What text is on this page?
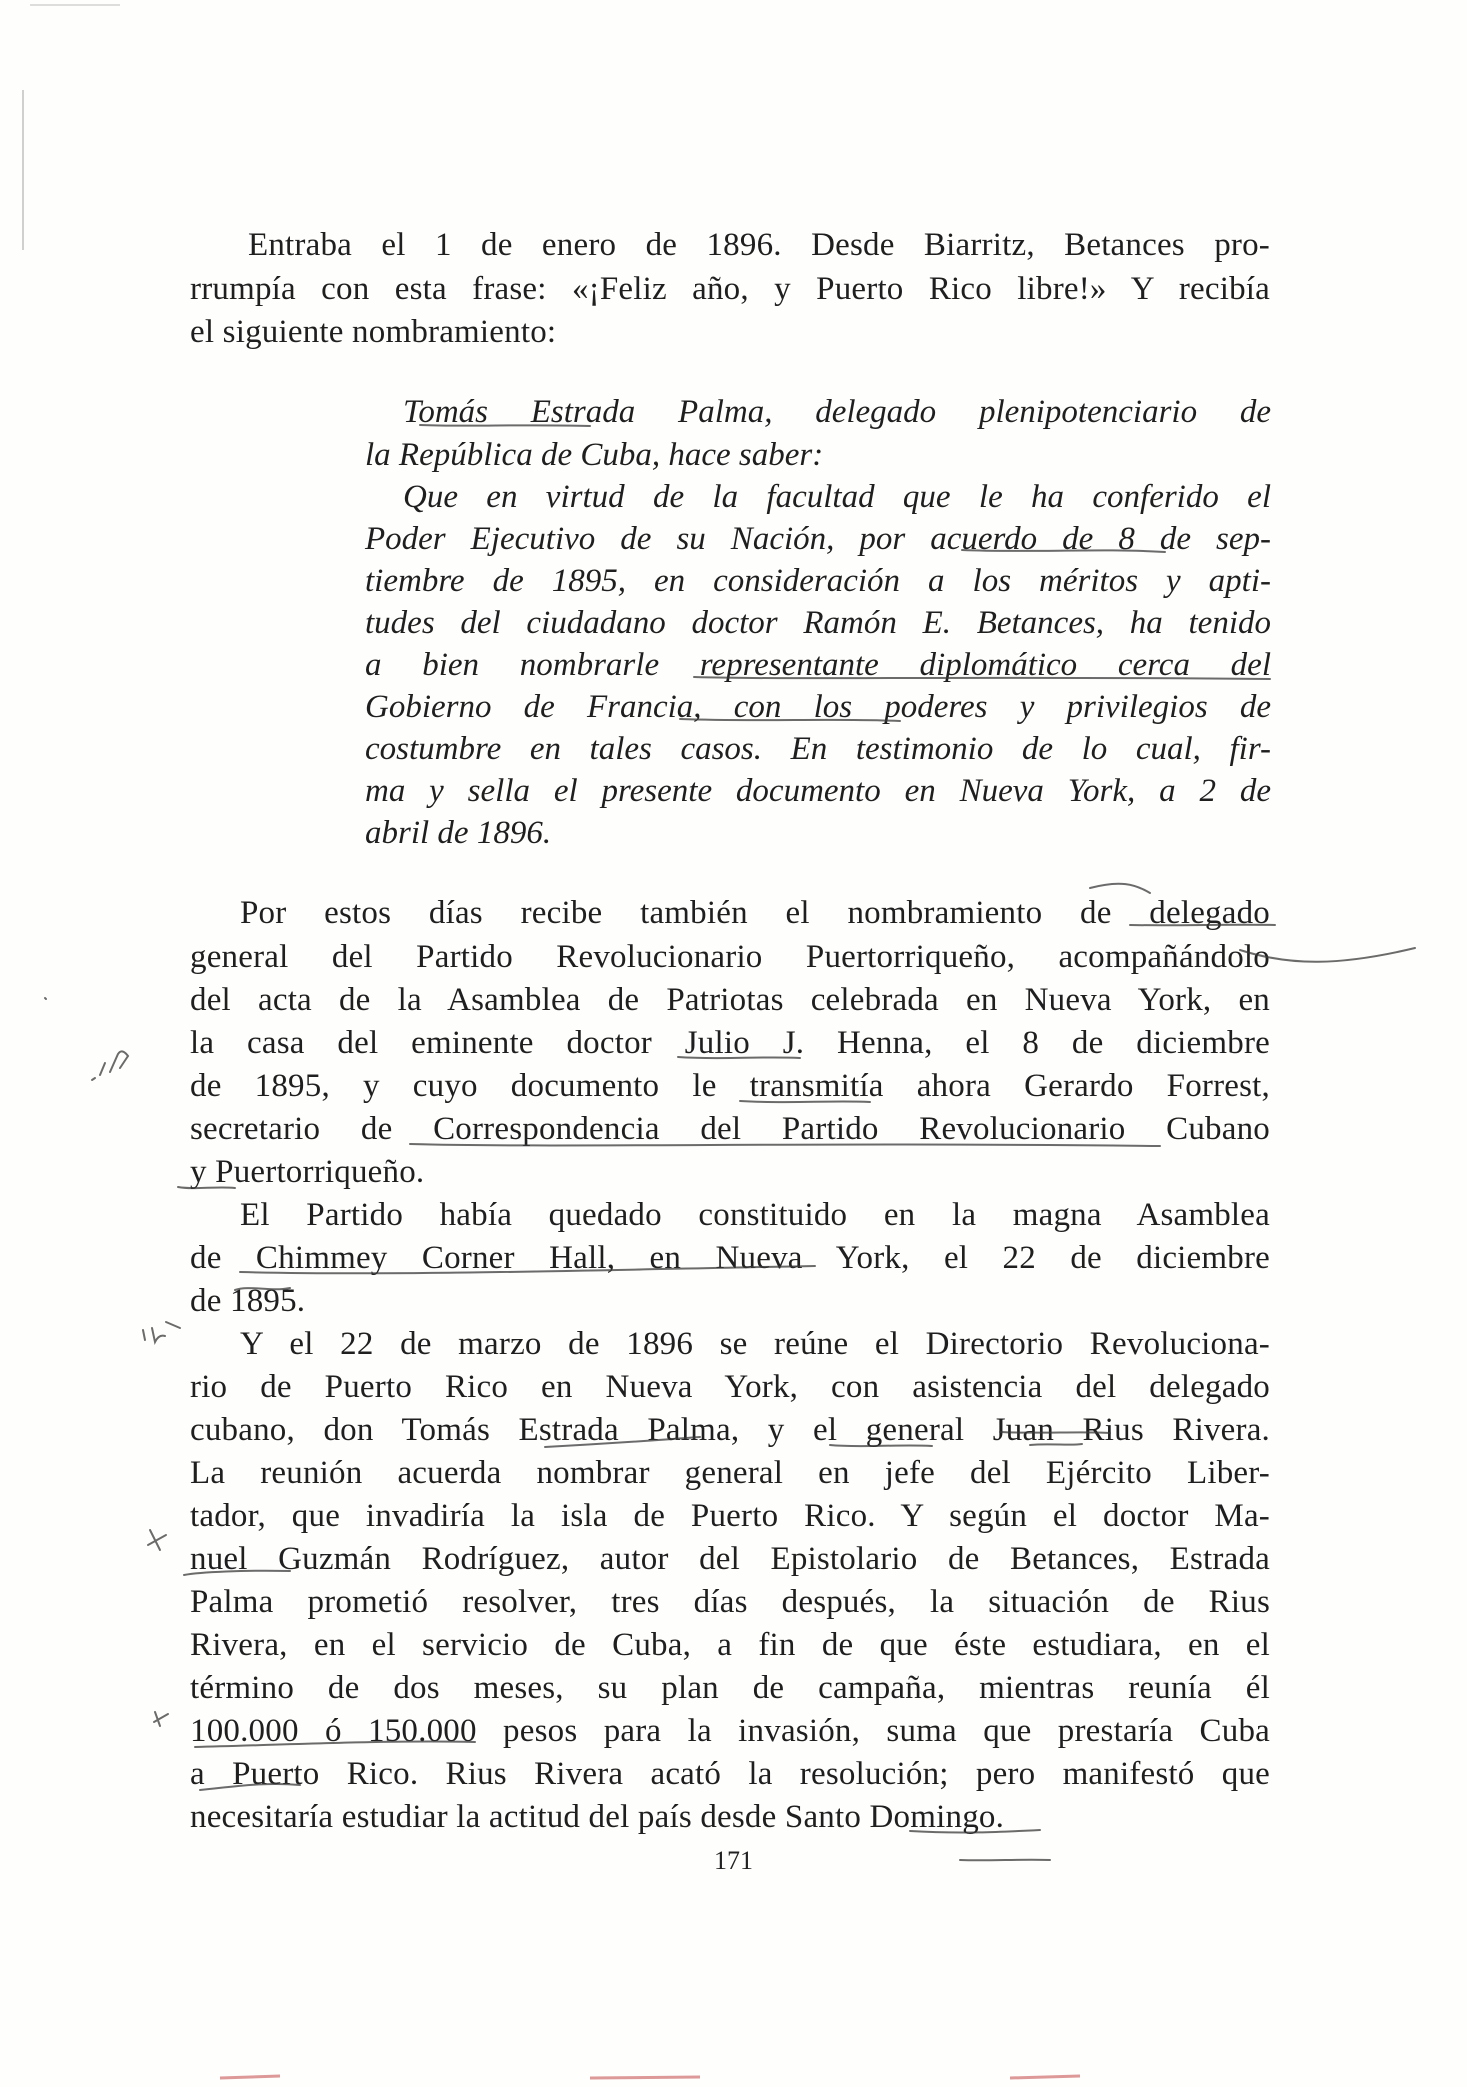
Entraba el 1 de enero de 1896. Desde Biarritz, Betances pro-
rrumpía con esta frase: «¡Feliz año, y Puerto Rico libre!» Y recibía
el siguiente nombramiento:
Tomás Estrada Palma, delegado plenipotenciario de
la República de Cuba, hace saber:
Que en virtud de la facultad que le ha conferido el
Poder Ejecutivo de su Nación, por acuerdo de 8 de sep-
tiembre de 1895, en consideración a los méritos y apti-
tudes del ciudadano doctor Ramón E. Betances, ha tenido
a bien nombrarle representante diplomático cerca del
Gobierno de Francia, con los poderes y privilegios de
costumbre en tales casos. En testimonio de lo cual, fir-
ma y sella el presente documento en Nueva York, a 2 de
abril de 1896.
Por estos días recibe también el nombramiento de delegado
general del Partido Revolucionario Puertorriqueño, acompañándolo
del acta de la Asamblea de Patriotas celebrada en Nueva York, en
la casa del eminente doctor Julio J. Henna, el 8 de diciembre
de 1895, y cuyo documento le transmitía ahora Gerardo Forrest,
secretario de Correspondencia del Partido Revolucionario Cubano
y Puertorriqueño.
El Partido había quedado constituido en la magna Asamblea
de Chimmey Corner Hall, en Nueva York, el 22 de diciembre
de 1895.
Y el 22 de marzo de 1896 se reúne el Directorio Revoluciona-
rio de Puerto Rico en Nueva York, con asistencia del delegado
cubano, don Tomás Estrada Palma, y el general Juan Rius Rivera.
La reunión acuerda nombrar general en jefe del Ejército Liber-
tador, que invadiría la isla de Puerto Rico. Y según el doctor Ma-
nuel Guzmán Rodríguez, autor del Epistolario de Betances, Estrada
Palma prometió resolver, tres días después, la situación de Rius
Rivera, en el servicio de Cuba, a fin de que éste estudiara, en el
término de dos meses, su plan de campaña, mientras reunía él
100.000 ó 150.000 pesos para la invasión, suma que prestaría Cuba
a Puerto Rico. Rius Rivera acató la resolución; pero manifestó que
necesitaría estudiar la actitud del país desde Santo Domingo.
171
